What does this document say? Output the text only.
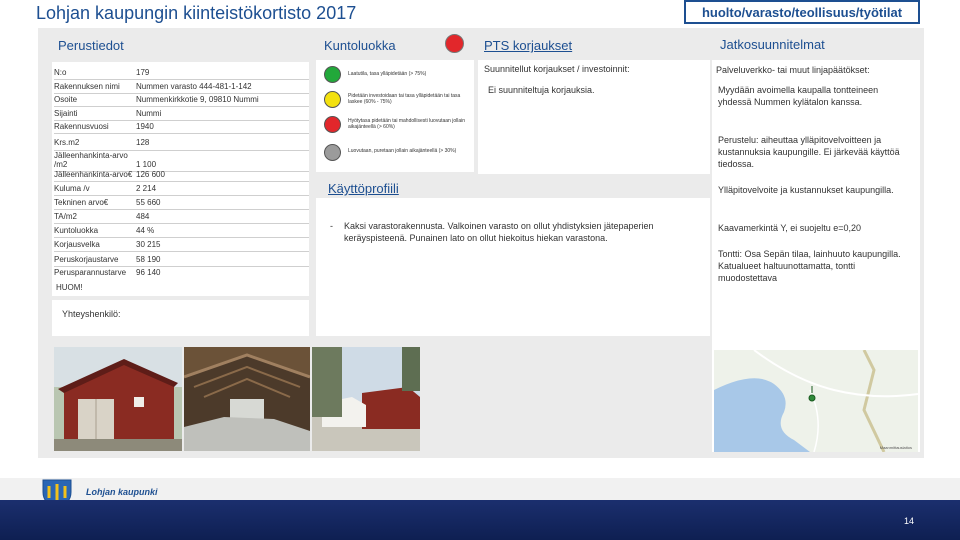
Lohjan kaupungin kiinteistökortisto 2017	huolto/varasto/teollisuus/työtilat
Perustiedot
N:o	179
Rakennuksen nimi	Nummen varasto 444-481-1-142
Osoite	Nummenkirkkotie 9, 09810 Nummi
Sijainti	Nummi
Rakennusvuosi	1940
Krs.m2	128
Jälleenhankinta-arvo /m2	1 100
Jälleenhankinta-arvo€ 126 600
Kuluma /v	2 214
Tekninen arvo€	55 660
TA/m2	484
Kuntoluokka	44 %
Korjausvelka	30 215
Peruskorjaustarve	58 190
Perusparannustarve	96 140
HUOM!
Yhteyshenkilö:
Kuntoluokka
Laatutila, tasa ylläpidetään (> 75%)
Pidetään investoidaan tai tasa ylläpidetään tai tasa laskee (60% - 75%)
Hyötytasa pidetään tai mahdollisesti luovutaan jollain aikajänteellä (> 60%)
Luovutaan, puretaan jollain aikajänteellä (> 30%)
Käyttöprofiili
-	Kaksi varastorakennusta. Valkoinen varasto on ollut yhdistyksien jätepaperien keräyspisteenä. Punainen lato on ollut hiekoitus hiekan varastona.
PTS korjaukset
Suunnitellut korjaukset / investoinnit:
Ei suunniteltuja korjauksia.
Jatkosuunnitelmat
Palveluverkko- tai muut linjapäätökset:
Myydään avoimella kaupalla tontteineen yhdessä Nummen kylätalon kanssa.
Perustelu: aiheuttaa ylläpitovelvoitteen ja kustannuksia kaupungille. Ei järkevää käyttöä tiedossa.
Ylläpitovelvoite ja kustannukset kaupungilla.
Kaavamerkintä Y, ei suojeltu e=0,20
Tontti: Osa Sepän tilaa, lainhuuto kaupungilla. Katualueet haltuunottamatta, tontti muodostettava
Maanmittauslaitos
Lohjan kaupunki
14
